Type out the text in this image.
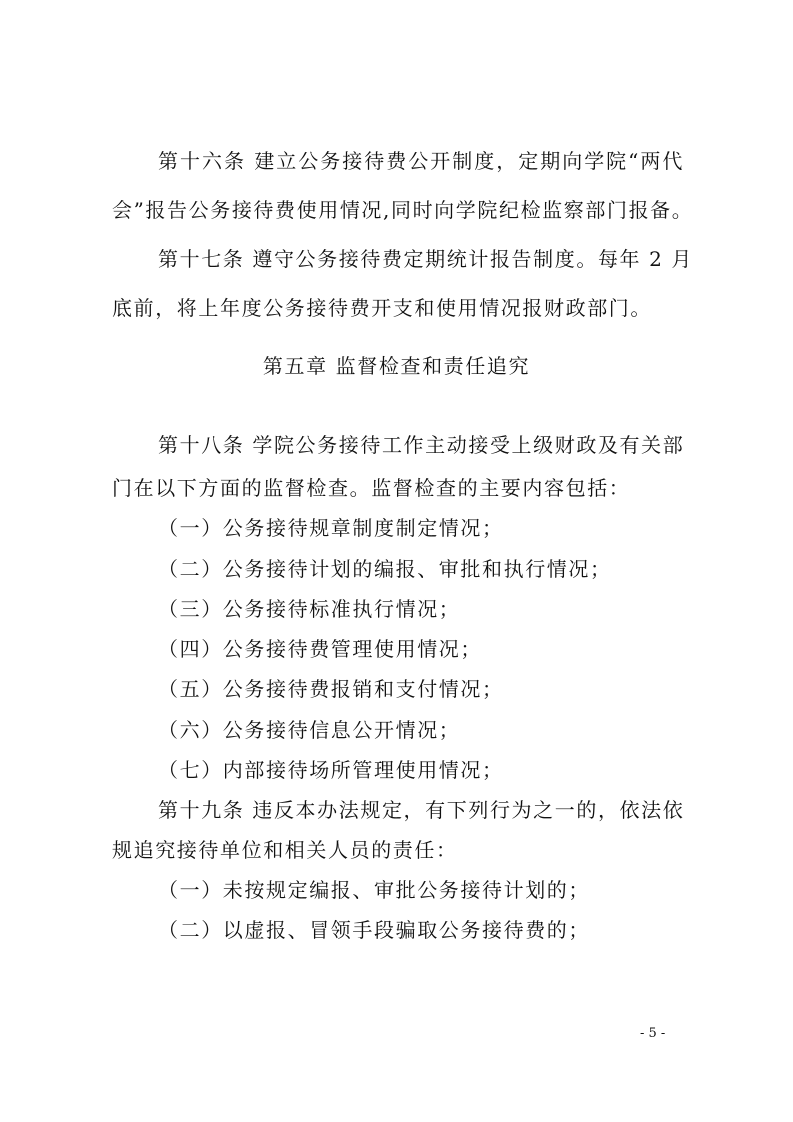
第十六条 建立公务接待费公开制度，定期向学院“两代
会”报告公务接待费使用情况,同时向学院纪检监察部门报备。
第十七条 遵守公务接待费定期统计报告制度。每年 2 月
底前，将上年度公务接待费开支和使用情况报财政部门。
第五章 监督检查和责任追究
第十八条 学院公务接待工作主动接受上级财政及有关部
门在以下方面的监督检查。监督检查的主要内容包括：
（一）公务接待规章制度制定情况；
（二）公务接待计划的编报、审批和执行情况；
（三）公务接待标准执行情况；
（四）公务接待费管理使用情况；
（五）公务接待费报销和支付情况；
（六）公务接待信息公开情况；
（七）内部接待场所管理使用情况；
第十九条 违反本办法规定，有下列行为之一的，依法依
规追究接待单位和相关人员的责任：
（一）未按规定编报、审批公务接待计划的；
（二）以虚报、冒领手段骗取公务接待费的；
- 5 -
